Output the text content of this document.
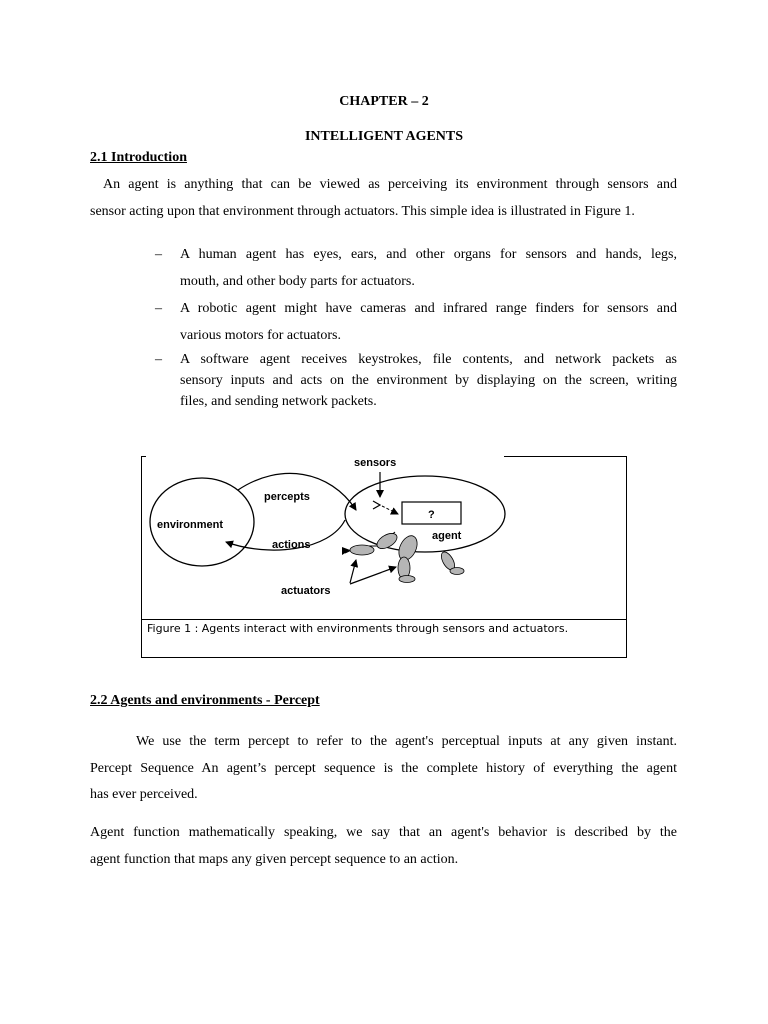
CHAPTER – 2
INTELLIGENT AGENTS
2.1 Introduction
An agent is anything that can be viewed as perceiving its environment through sensors and
sensor acting upon that environment through actuators. This simple idea is illustrated in Figure 1.
– A human agent has eyes, ears, and other organs for sensors and hands, legs,
mouth, and other body parts for actuators.
– A robotic agent might have cameras and infrared range finders for sensors and
various motors for actuators.
– A software agent receives keystrokes, file contents, and network packets as
sensory inputs and acts on the environment by displaying on the screen, writing
files, and sending network packets.
sensors
percepts
environment
?
agent
actions
actuators
Figure 1 : Agents interact with environments through sensors and actuators.
2.2 Agents and environments - Percept
We use the term percept to refer to the agent's perceptual inputs at any given instant.
Percept Sequence An agent’s percept sequence is the complete history of everything the agent
has ever perceived.
Agent function mathematically speaking, we say that an agent's behavior is described by the
agent function that maps any given percept sequence to an action.
